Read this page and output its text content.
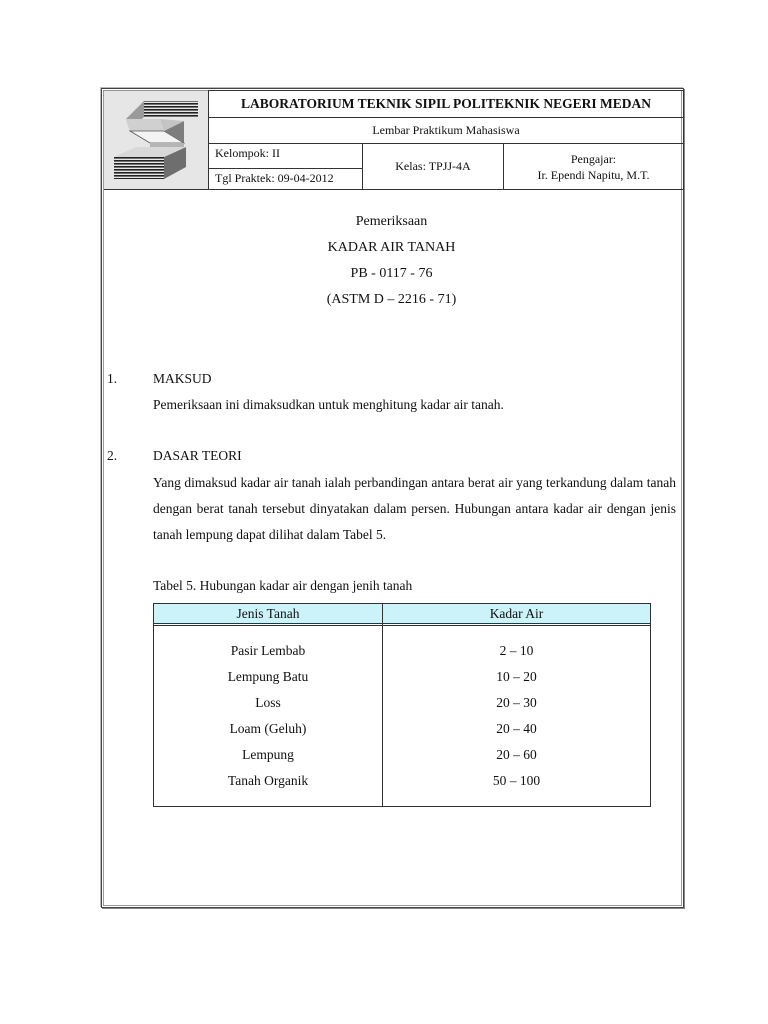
LABORATORIUM TEKNIK SIPIL POLITEKNIK NEGERI MEDAN
Lembar Praktikum Mahasiswa
Kelompok: II
Tgl Praktek: 09-04-2012
Kelas: TPJJ-4A
Pengajar:
Ir. Ependi Napitu, M.T.
Pemeriksaan
KADAR AIR TANAH
PB - 0117 - 76
(ASTM D – 2216 - 71)
1.	MAKSUD
Pemeriksaan ini dimaksudkan untuk menghitung kadar air tanah.
2.	DASAR TEORI
Yang dimaksud kadar air tanah ialah perbandingan antara berat air yang terkandung dalam tanah dengan berat tanah tersebut dinyatakan dalam persen. Hubungan antara kadar air dengan jenis tanah lempung dapat dilihat dalam Tabel 5.
Tabel 5. Hubungan kadar air dengan jenih tanah
Jenis Tanah	Kadar Air
Pasir Lembab	2 – 10
Lempung Batu	10 – 20
Loss	20 – 30
Loam (Geluh)	20 – 40
Lempung	20 – 60
Tanah Organik	50 – 100
